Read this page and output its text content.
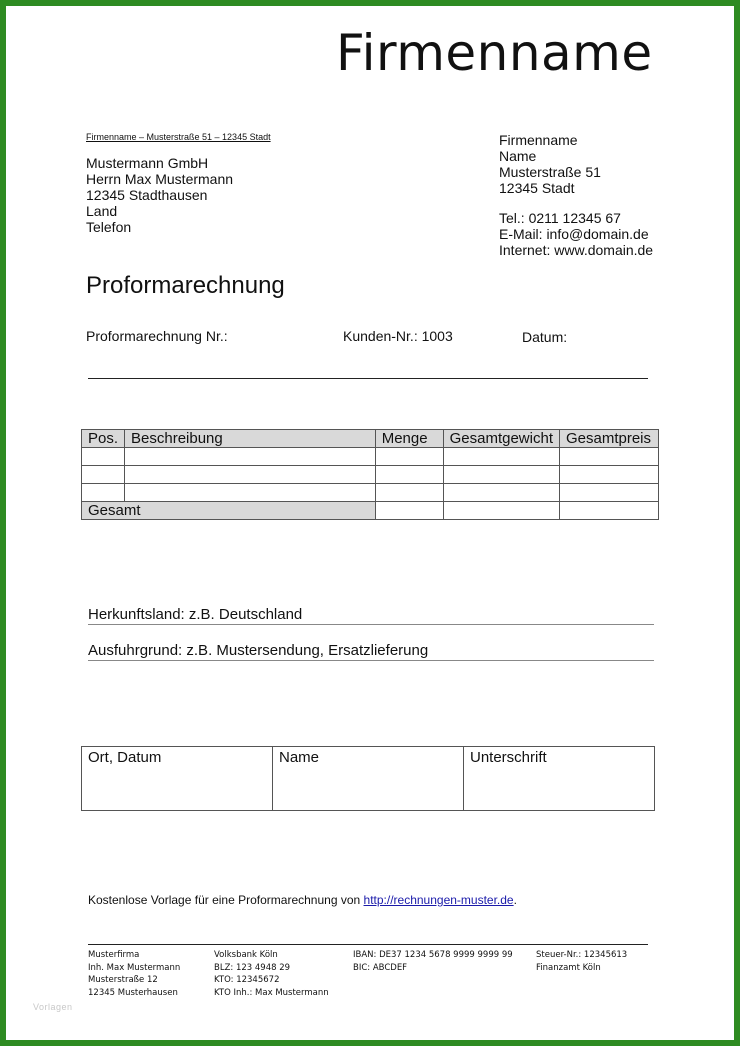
Firmenname
Firmenname – Musterstraße 51 – 12345 Stadt
Mustermann GmbH
Herrn Max Mustermann
12345 Stadthausen
Land
Telefon
Firmenname
Name
Musterstraße 51
12345 Stadt
Tel.: 0211 12345 67
E-Mail: info@domain.de
Internet: www.domain.de
Proformarechnung
Proformarechnung Nr.:	Kunden-Nr.: 1003	Datum:
Pos.	Beschreibung	Menge	Gesamtgewicht	Gesamtpreis

Gesamt				
Herkunftsland: z.B. Deutschland
Ausfuhrgrund: z.B. Mustersendung, Ersatzlieferung
Ort, Datum	Name	Unterschrift
Kostenlose Vorlage für eine Proformarechnung von http://rechnungen-muster.de.
Musterfirma
Inh. Max Mustermann
Musterstraße 12
12345 Musterhausen
Volksbank Köln
BLZ: 123 4948 29
KTO: 12345672
KTO Inh.: Max Mustermann
IBAN: DE37 1234 5678 9999 9999 99
BIC: ABCDEF
Steuer-Nr.: 12345613
Finanzamt Köln
Vorlagen
